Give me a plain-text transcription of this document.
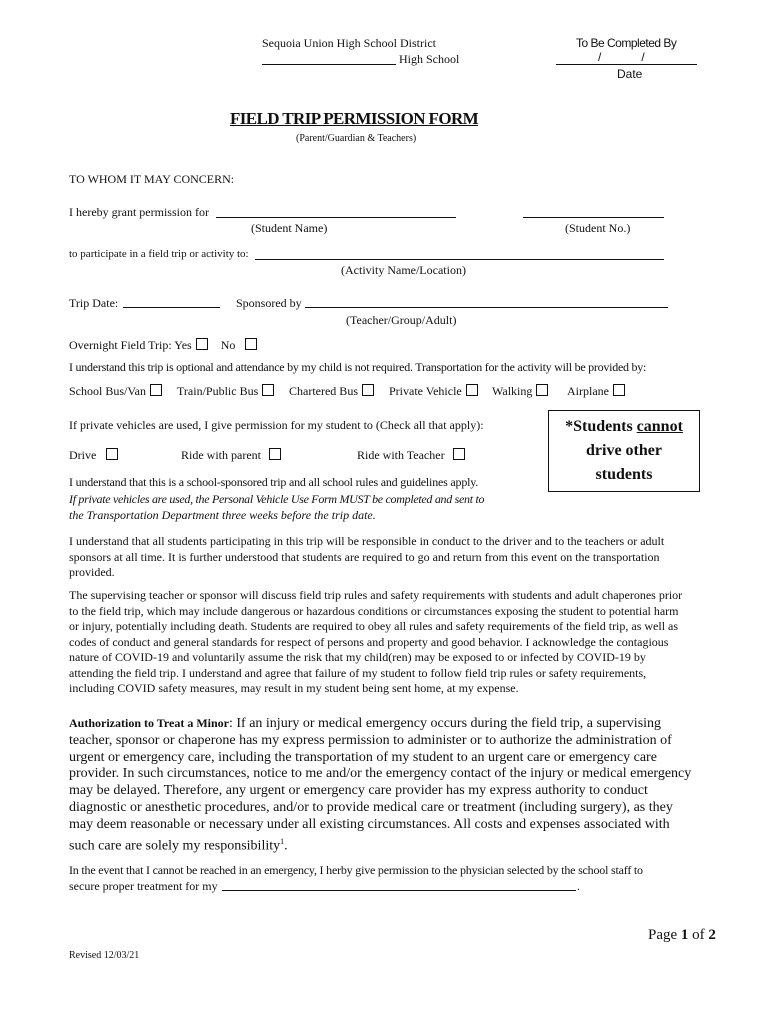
Sequoia Union High School District
High School
To Be Completed By
/            /
Date
FIELD TRIP PERMISSION FORM
(Parent/Guardian & Teachers)
TO WHOM IT MAY CONCERN:
I hereby grant permission for
(Student Name)	(Student No.)
to participate in a field trip or activity to:
(Activity Name/Location)
Trip Date:	Sponsored by
(Teacher/Group/Adult)
Overnight Field Trip: Yes No
I understand this trip is optional and attendance by my child is not required. Transportation for the activity will be provided by:
School Bus/Van	Train/Public Bus	Chartered Bus	Private Vehicle	Walking	Airplane
If private vehicles are used, I give permission for my student to (Check all that apply):
Drive	Ride with parent	Ride with Teacher
*Students cannot
drive other
students
I understand that this is a school-sponsored trip and all school rules and guidelines apply.
If private vehicles are used, the Personal Vehicle Use Form MUST be completed and sent to
the Transportation Department three weeks before the trip date.
I understand that all students participating in this trip will be responsible in conduct to the driver and to the teachers or adult sponsors at all time. It is further understood that students are required to go and return from this event on the transportation provided.
The supervising teacher or sponsor will discuss field trip rules and safety requirements with students and adult chaperones prior to the field trip, which may include dangerous or hazardous conditions or circumstances exposing the student to potential harm or injury, potentially including death. Students are required to obey all rules and safety requirements of the field trip, as well as codes of conduct and general standards for respect of persons and property and good behavior. I acknowledge the contagious nature of COVID-19 and voluntarily assume the risk that my child(ren) may be exposed to or infected by COVID-19 by attending the field trip. I understand and agree that failure of my student to follow field trip rules or safety requirements, including COVID safety measures, may result in my student being sent home, at my expense.
Authorization to Treat a Minor: If an injury or medical emergency occurs during the field trip, a supervising teacher, sponsor or chaperone has my express permission to administer or to authorize the administration of urgent or emergency care, including the transportation of my student to an urgent care or emergency care provider. In such circumstances, notice to me and/or the emergency contact of the injury or medical emergency may be delayed. Therefore, any urgent or emergency care provider has my express authority to conduct diagnostic or anesthetic procedures, and/or to provide medical care or treatment (including surgery), as they may deem reasonable or necessary under all existing circumstances. All costs and expenses associated with such care are solely my responsibility$^1$.
In the event that I cannot be reached in an emergency, I herby give permission to the physician selected by the school staff to
secure proper treatment for my	.
Page 1 of 2
Revised 12/03/21
